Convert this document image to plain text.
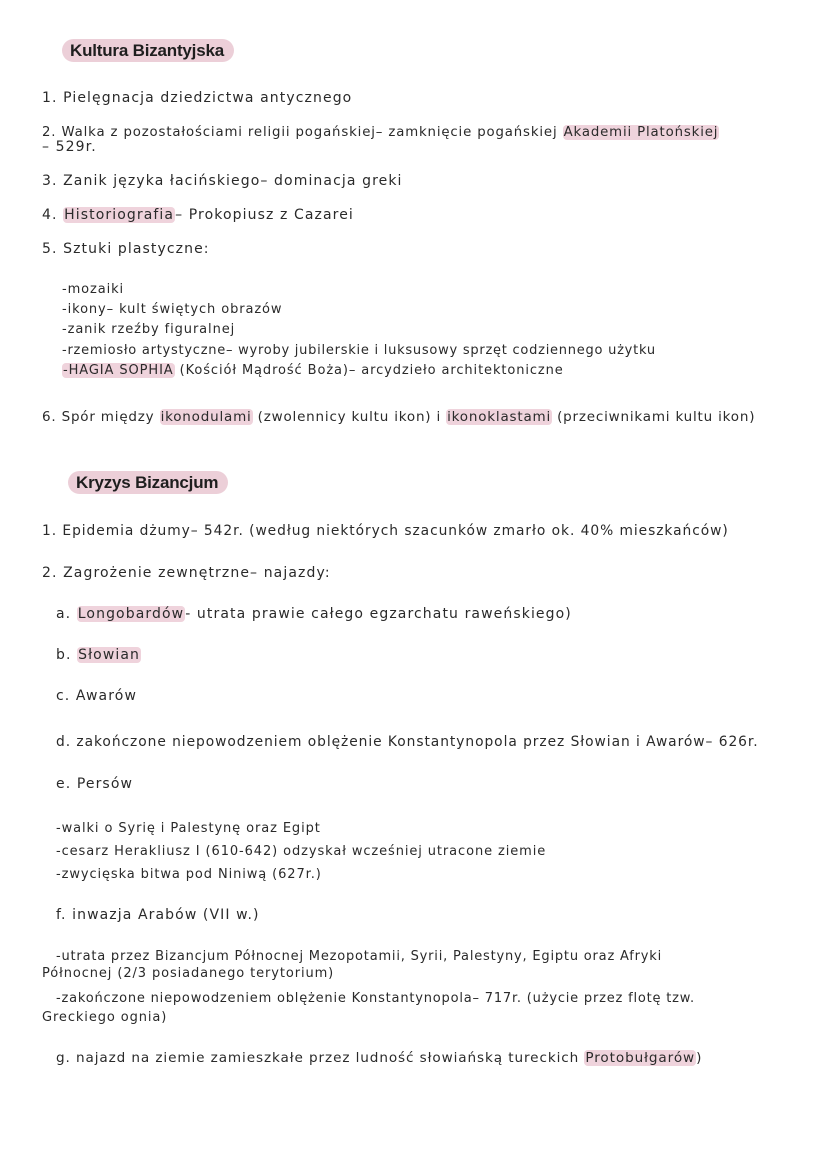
Kultura Bizantyjska
1. Pielęgnacja dziedzictwa antycznego
2. Walka z pozostałościami religii pogańskiej– zamknięcie pogańskiej Akademii Platońskiej
– 529r.
3. Zanik języka łacińskiego– dominacja greki
4. Historiografia– Prokopiusz z Cazarei
5. Sztuki plastyczne:
-mozaiki
-ikony– kult świętych obrazów
-zanik rzeźby figuralnej
-rzemiosło artystyczne– wyroby jubilerskie i luksusowy sprzęt codziennego użytku
-HAGIA SOPHIA (Kościół Mądrość Boża)– arcydzieło architektoniczne
6. Spór między ikonodulami (zwolennicy kultu ikon) i ikonoklastami (przeciwnikami kultu ikon)
Kryzys Bizancjum
1. Epidemia dżumy– 542r. (według niektórych szacunków zmarło ok. 40% mieszkańców)
2. Zagrożenie zewnętrzne– najazdy:
a. Longobardów- utrata prawie całego egzarchatu raweńskiego)
b. Słowian
c. Awarów
d. zakończone niepowodzeniem oblężenie Konstantynopola przez Słowian i Awarów– 626r.
e. Persów
-walki o Syrię i Palestynę oraz Egipt
-cesarz Herakliusz I (610-642) odzyskał wcześniej utracone ziemie
-zwycięska bitwa pod Niniwą (627r.)
f. inwazja Arabów (VII w.)
-utrata przez Bizancjum Północnej Mezopotamii, Syrii, Palestyny, Egiptu oraz Afryki
Północnej (2/3 posiadanego terytorium)
-zakończone niepowodzeniem oblężenie Konstantynopola– 717r. (użycie przez flotę tzw.
Greckiego ognia)
g. najazd na ziemie zamieszkałe przez ludność słowiańską tureckich Protobułgarów)
